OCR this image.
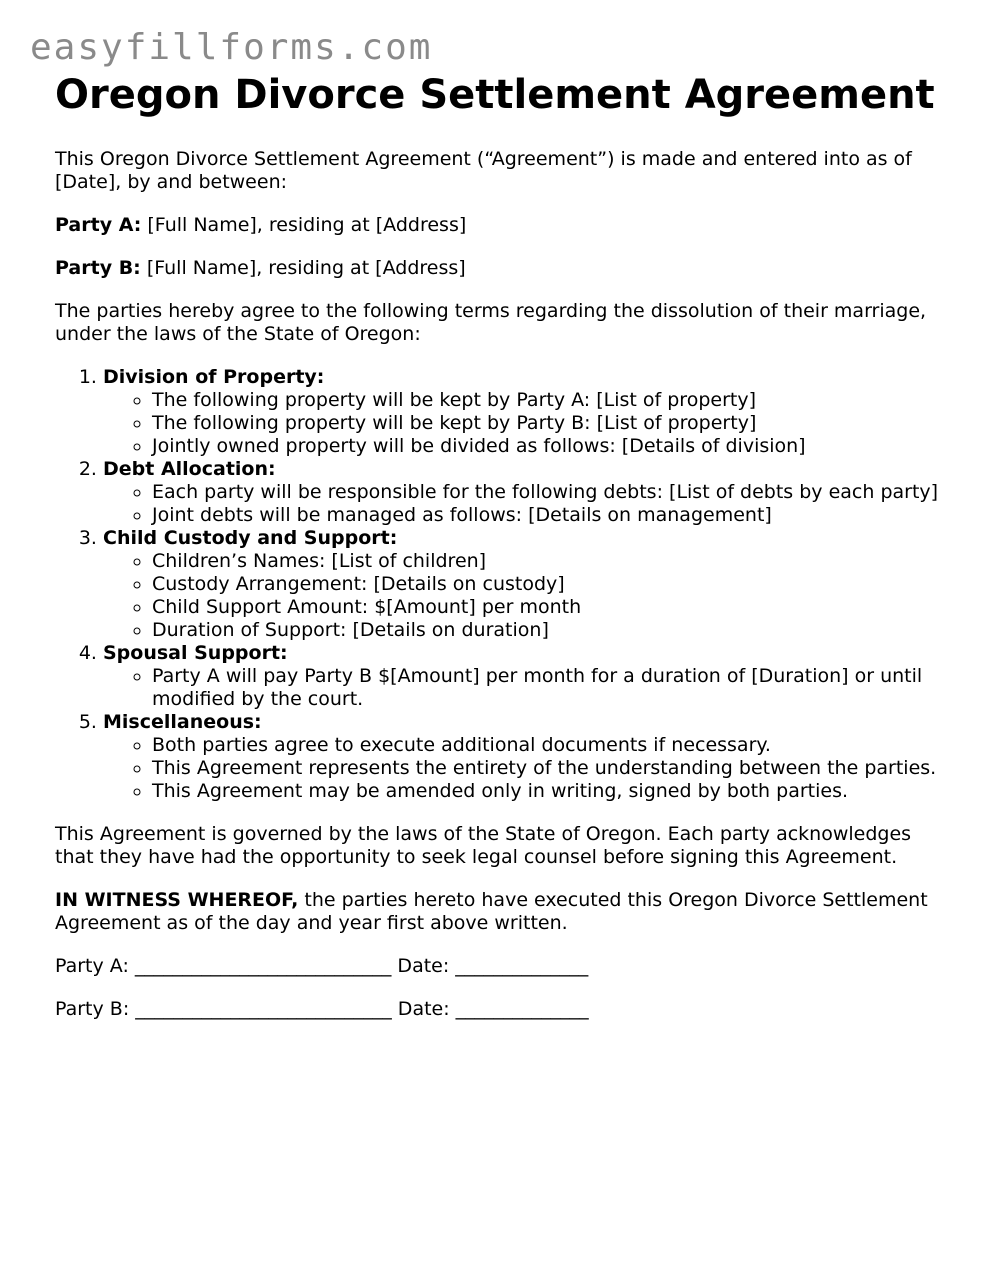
easyfillforms.com
Oregon Divorce Settlement Agreement

This Oregon Divorce Settlement Agreement (“Agreement”) is made and entered into as of [Date], by and between:

Party A: [Full Name], residing at [Address]

Party B: [Full Name], residing at [Address]

The parties hereby agree to the following terms regarding the dissolution of their marriage, under the laws of the State of Oregon:

1. Division of Property:
◦ The following property will be kept by Party A: [List of property]
◦ The following property will be kept by Party B: [List of property]
◦ Jointly owned property will be divided as follows: [Details of division]
2. Debt Allocation:
◦ Each party will be responsible for the following debts: [List of debts by each party]
◦ Joint debts will be managed as follows: [Details on management]
3. Child Custody and Support:
◦ Children’s Names: [List of children]
◦ Custody Arrangement: [Details on custody]
◦ Child Support Amount: $[Amount] per month
◦ Duration of Support: [Details on duration]
4. Spousal Support:
◦ Party A will pay Party B $[Amount] per month for a duration of [Duration] or until modified by the court.
5. Miscellaneous:
◦ Both parties agree to execute additional documents if necessary.
◦ This Agreement represents the entirety of the understanding between the parties.
◦ This Agreement may be amended only in writing, signed by both parties.

This Agreement is governed by the laws of the State of Oregon. Each party acknowledges that they have had the opportunity to seek legal counsel before signing this Agreement.

IN WITNESS WHEREOF, the parties hereto have executed this Oregon Divorce Settlement Agreement as of the day and year first above written.

Party A: ___________________________ Date: ______________

Party B: ___________________________ Date: ______________
